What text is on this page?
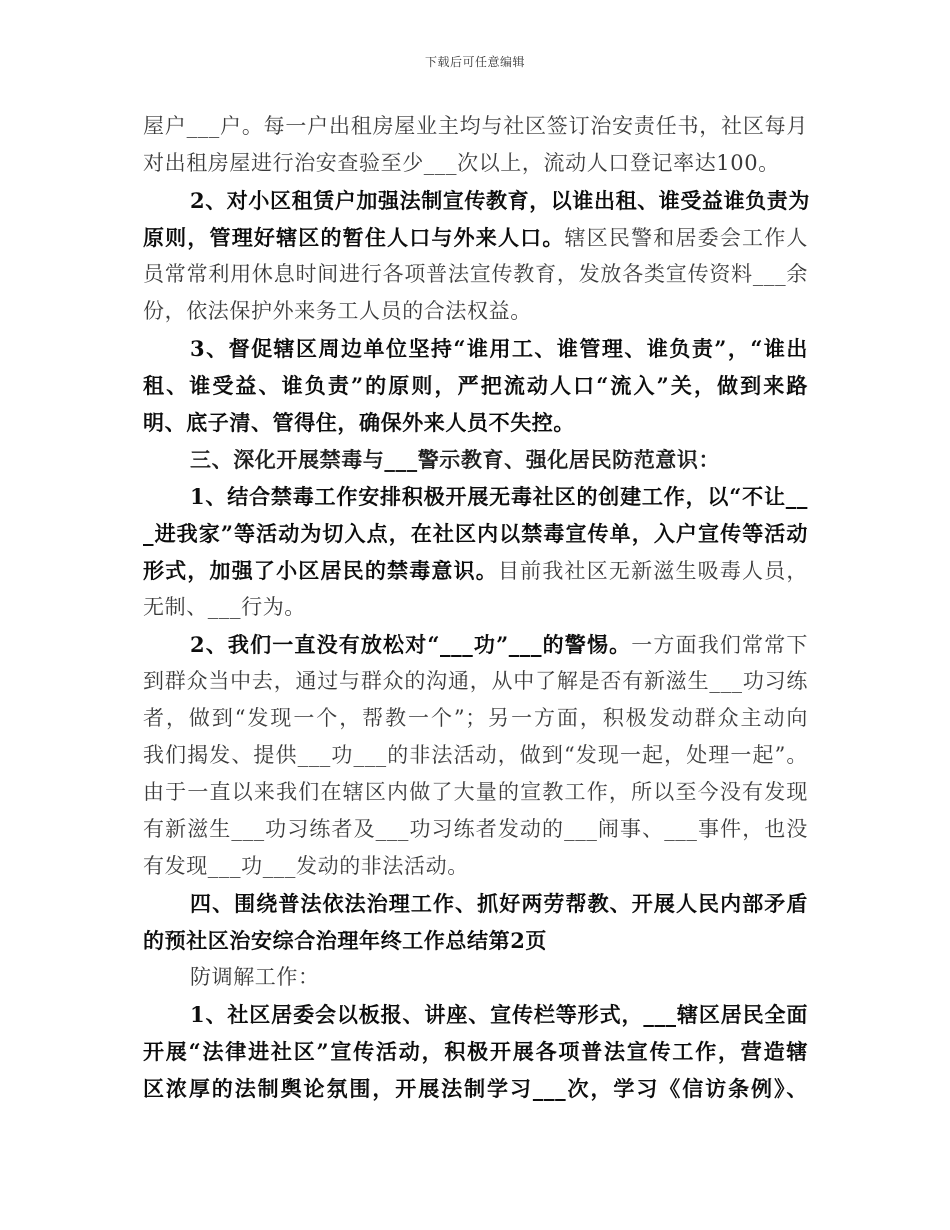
下载后可任意编辑
屋户___户。每一户出租房屋业主均与社区签订治安责任书，社区每月
对出租房屋进行治安查验至少___次以上，流动人口登记率达100。
2、对小区租赁户加强法制宣传教育，以谁出租、谁受益谁负责为
原则，管理好辖区的暂住人口与外来人口。辖区民警和居委会工作人
员常常利用休息时间进行各项普法宣传教育，发放各类宣传资料___余
份，依法保护外来务工人员的合法权益。
3、督促辖区周边单位坚持“谁用工、谁管理、谁负责”，“谁出
租、谁受益、谁负责”的原则，严把流动人口“流入”关，做到来路
明、底子清、管得住，确保外来人员不失控。
三、深化开展禁毒与___警示教育、强化居民防范意识：
1、结合禁毒工作安排积极开展无毒社区的创建工作，以“不让__
_进我家”等活动为切入点，在社区内以禁毒宣传单，入户宣传等活动
形式，加强了小区居民的禁毒意识。目前我社区无新滋生吸毒人员，
无制、___行为。
2、我们一直没有放松对“___功”___的警惕。一方面我们常常下
到群众当中去，通过与群众的沟通，从中了解是否有新滋生___功习练
者，做到“发现一个，帮教一个”；另一方面，积极发动群众主动向
我们揭发、提供___功___的非法活动，做到“发现一起，处理一起”。
由于一直以来我们在辖区内做了大量的宣教工作，所以至今没有发现
有新滋生___功习练者及___功习练者发动的___闹事、___事件，也没
有发现___功___发动的非法活动。
四、围绕普法依法治理工作、抓好两劳帮教、开展人民内部矛盾
的预社区治安综合治理年终工作总结第2页
防调解工作：
1、社区居委会以板报、讲座、宣传栏等形式，___辖区居民全面
开展“法律进社区”宣传活动，积极开展各项普法宣传工作，营造辖
区浓厚的法制舆论氛围，开展法制学习___次，学习《信访条例》、
